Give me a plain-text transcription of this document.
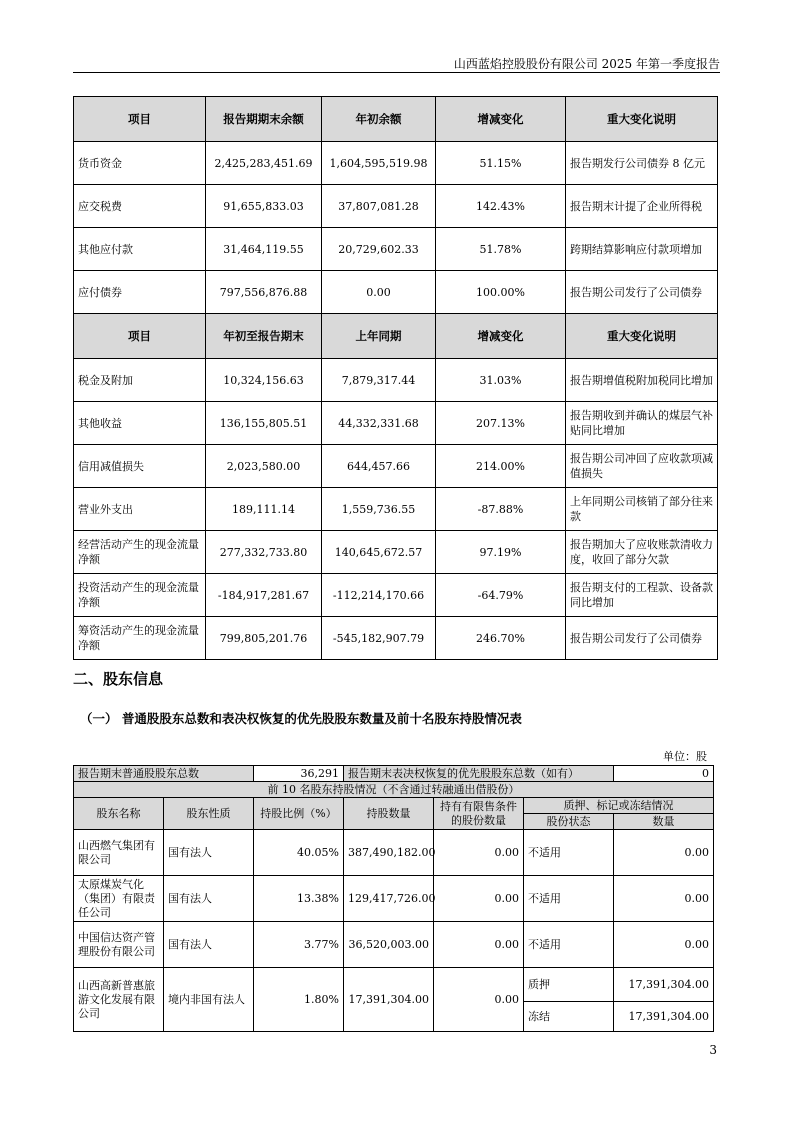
山西蓝焰控股股份有限公司 2025 年第一季度报告
项目	报告期期末余额	年初余额	增减变化	重大变化说明
货币资金	2,425,283,451.69	1,604,595,519.98	51.15%	报告期发行公司债券 8 亿元
应交税费	91,655,833.03	37,807,081.28	142.43%	报告期末计提了企业所得税
其他应付款	31,464,119.55	20,729,602.33	51.78%	跨期结算影响应付款项增加
应付债券	797,556,876.88	0.00	100.00%	报告期公司发行了公司债券
项目	年初至报告期末	上年同期	增减变化	重大变化说明
税金及附加	10,324,156.63	7,879,317.44	31.03%	报告期增值税附加税同比增加
其他收益	136,155,805.51	44,332,331.68	207.13%	报告期收到并确认的煤层气补贴同比增加
信用减值损失	2,023,580.00	644,457.66	214.00%	报告期公司冲回了应收款项减值损失
营业外支出	189,111.14	1,559,736.55	-87.88%	上年同期公司核销了部分往来款
经营活动产生的现金流量净额	277,332,733.80	140,645,672.57	97.19%	报告期加大了应收账款清收力度，收回了部分欠款
投资活动产生的现金流量净额	-184,917,281.67	-112,214,170.66	-64.79%	报告期支付的工程款、设备款同比增加
筹资活动产生的现金流量净额	799,805,201.76	-545,182,907.79	246.70%	报告期公司发行了公司债券
二、股东信息
（一） 普通股股东总数和表决权恢复的优先股股东数量及前十名股东持股情况表
单位：股
报告期末普通股股东总数		36,291	报告期末表决权恢复的优先股股东总数（如有）			0
前 10 名股东持股情况（不含通过转融通出借股份）						
股东名称	股东性质	持股比例（%）	持股数量	持有有限售条件的股份数量	质押、标记或冻结情况	
					股份状态	数量
山西燃气集团有限公司	国有法人	40.05%	387,490,182.00	0.00	不适用	0.00
太原煤炭气化（集团）有限责任公司	国有法人	13.38%	129,417,726.00	0.00	不适用	0.00
中国信达资产管理股份有限公司	国有法人	3.77%	36,520,003.00	0.00	不适用	0.00
山西高新普惠旅游文化发展有限公司	境内非国有法人	1.80%	17,391,304.00	0.00	质押	17,391,304.00
					冻结	17,391,304.00
3
